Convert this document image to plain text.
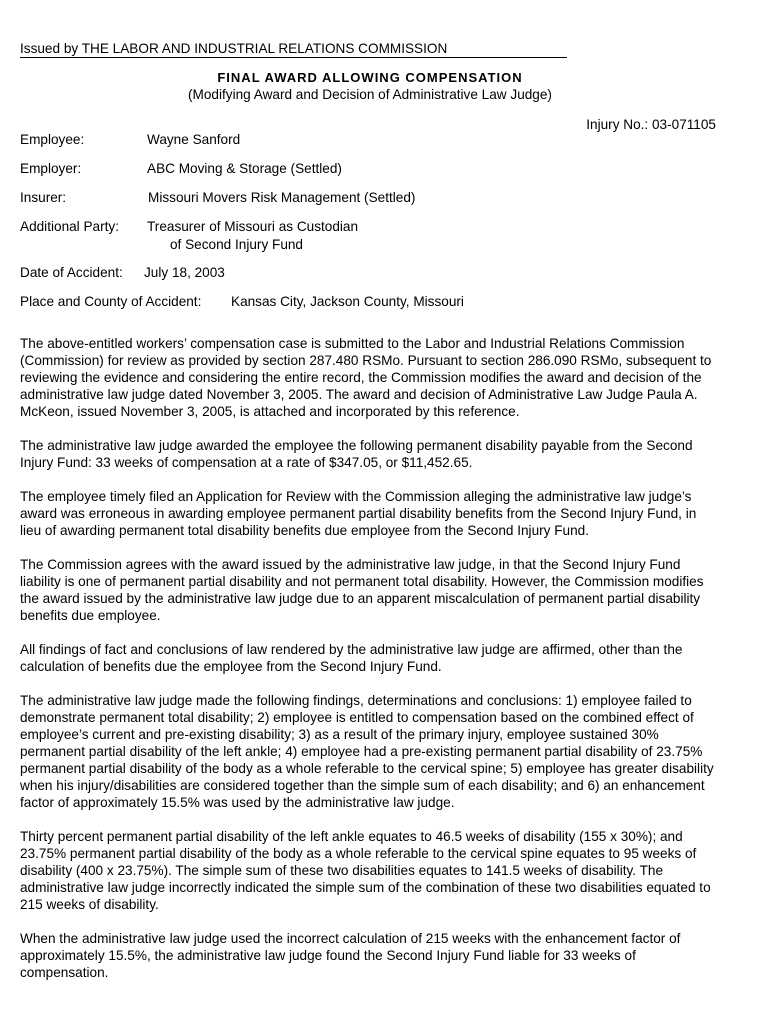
Issued by THE LABOR AND INDUSTRIAL RELATIONS COMMISSION
FINAL AWARD ALLOWING COMPENSATION
(Modifying Award and Decision of Administrative Law Judge)
Injury No.: 03-071105
Employee:	Wayne Sanford
Employer:	ABC Moving & Storage (Settled)
Insurer:	Missouri Movers Risk Management (Settled)
Additional Party: Treasurer of Missouri as Custodian
of Second Injury Fund
Date of Accident: July 18, 2003
Place and County of Accident: Kansas City, Jackson County, Missouri

The above-entitled workers’ compensation case is submitted to the Labor and Industrial Relations Commission (Commission) for review as provided by section 287.480 RSMo. Pursuant to section 286.090 RSMo, subsequent to reviewing the evidence and considering the entire record, the Commission modifies the award and decision of the administrative law judge dated November 3, 2005. The award and decision of Administrative Law Judge Paula A. McKeon, issued November 3, 2005, is attached and incorporated by this reference.

The administrative law judge awarded the employee the following permanent disability payable from the Second Injury Fund: 33 weeks of compensation at a rate of $347.05, or $11,452.65.

The employee timely filed an Application for Review with the Commission alleging the administrative law judge’s award was erroneous in awarding employee permanent partial disability benefits from the Second Injury Fund, in lieu of awarding permanent total disability benefits due employee from the Second Injury Fund.

The Commission agrees with the award issued by the administrative law judge, in that the Second Injury Fund liability is one of permanent partial disability and not permanent total disability. However, the Commission modifies the award issued by the administrative law judge due to an apparent miscalculation of permanent partial disability benefits due employee.

All findings of fact and conclusions of law rendered by the administrative law judge are affirmed, other than the calculation of benefits due the employee from the Second Injury Fund.

The administrative law judge made the following findings, determinations and conclusions: 1) employee failed to demonstrate permanent total disability; 2) employee is entitled to compensation based on the combined effect of employee’s current and pre-existing disability; 3) as a result of the primary injury, employee sustained 30% permanent partial disability of the left ankle; 4) employee had a pre-existing permanent partial disability of 23.75% permanent partial disability of the body as a whole referable to the cervical spine; 5) employee has greater disability when his injury/disabilities are considered together than the simple sum of each disability; and 6) an enhancement factor of approximately 15.5% was used by the administrative law judge.

Thirty percent permanent partial disability of the left ankle equates to 46.5 weeks of disability (155 x 30%); and 23.75% permanent partial disability of the body as a whole referable to the cervical spine equates to 95 weeks of disability (400 x 23.75%). The simple sum of these two disabilities equates to 141.5 weeks of disability. The administrative law judge incorrectly indicated the simple sum of the combination of these two disabilities equated to 215 weeks of disability.

When the administrative law judge used the incorrect calculation of 215 weeks with the enhancement factor of approximately 15.5%, the administrative law judge found the Second Injury Fund liable for 33 weeks of compensation.
